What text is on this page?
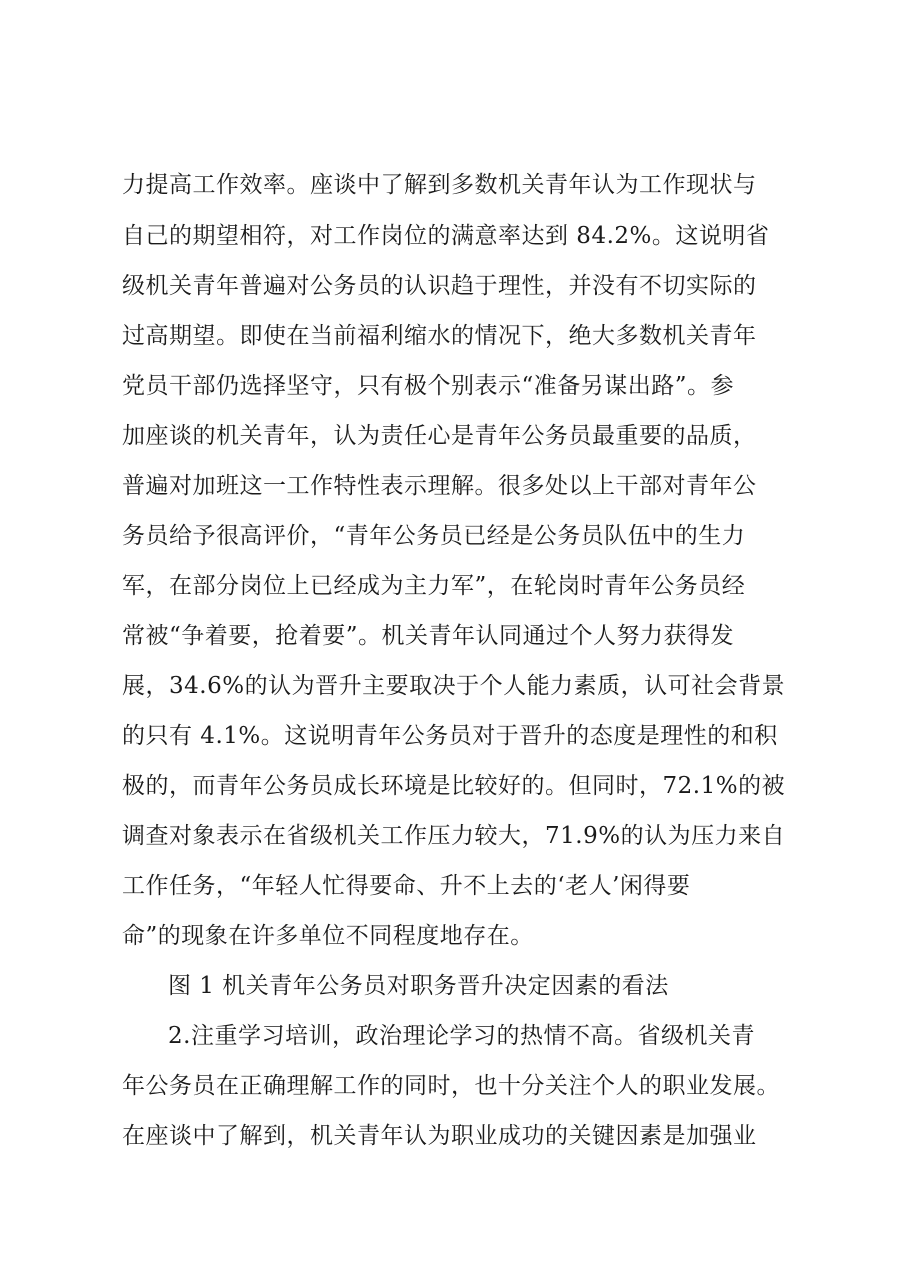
力提高工作效率。座谈中了解到多数机关青年认为工作现状与
自己的期望相符，对工作岗位的满意率达到 84.2%。这说明省
级机关青年普遍对公务员的认识趋于理性，并没有不切实际的
过高期望。即使在当前福利缩水的情况下，绝大多数机关青年
党员干部仍选择坚守，只有极个别表示“准备另谋出路”。参
加座谈的机关青年，认为责任心是青年公务员最重要的品质，
普遍对加班这一工作特性表示理解。很多处以上干部对青年公
务员给予很高评价，“青年公务员已经是公务员队伍中的生力
军，在部分岗位上已经成为主力军”，在轮岗时青年公务员经
常被“争着要，抢着要”。机关青年认同通过个人努力获得发
展，34.6%的认为晋升主要取决于个人能力素质，认可社会背景
的只有 4.1%。这说明青年公务员对于晋升的态度是理性的和积
极的，而青年公务员成长环境是比较好的。但同时，72.1%的被
调查对象表示在省级机关工作压力较大，71.9%的认为压力来自
工作任务，“年轻人忙得要命、升不上去的‘老人’闲得要
命”的现象在许多单位不同程度地存在。
图 1 机关青年公务员对职务晋升决定因素的看法
2.注重学习培训，政治理论学习的热情不高。省级机关青
年公务员在正确理解工作的同时，也十分关注个人的职业发展。
在座谈中了解到，机关青年认为职业成功的关键因素是加强业
